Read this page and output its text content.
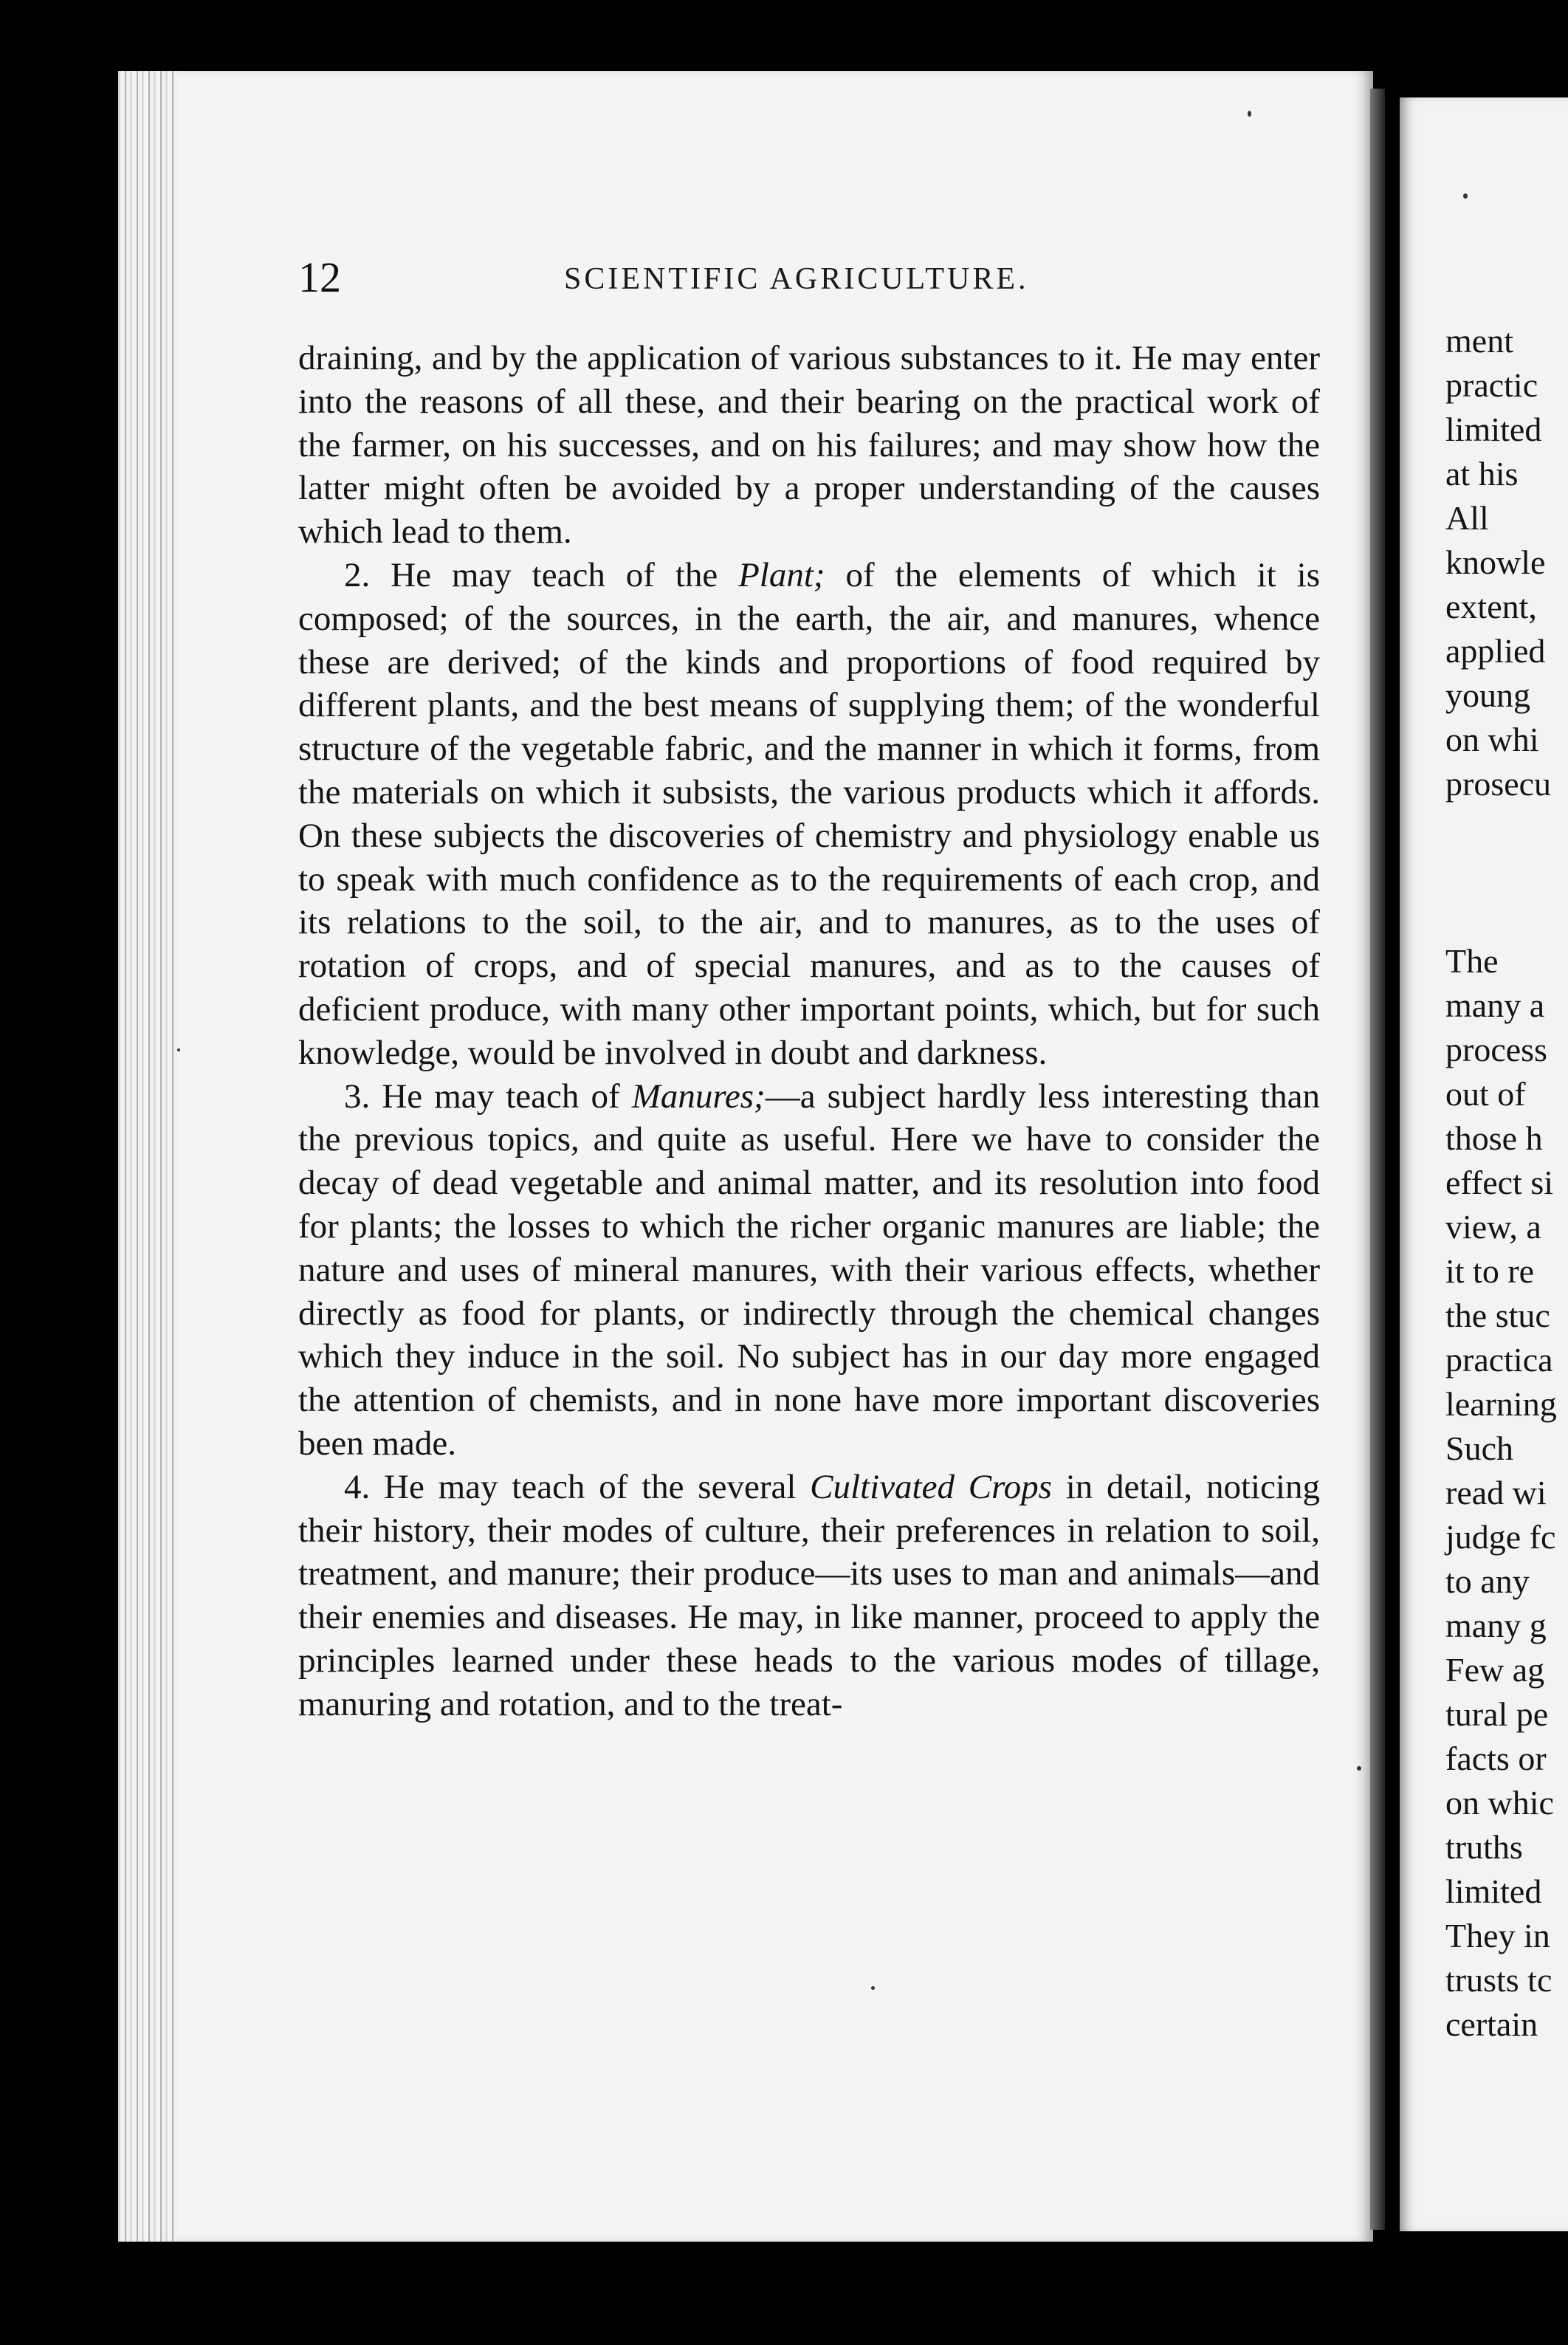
12	SCIENTIFIC AGRICULTURE.

draining, and by the application of various substances to it. He may enter into the reasons of all these, and their bearing on the practical work of the farmer, on his successes, and on his failures; and may show how the latter might often be avoided by a proper understanding of the causes which lead to them.

2. He may teach of the Plant; of the elements of which it is composed; of the sources, in the earth, the air, and manures, whence these are derived; of the kinds and proportions of food required by different plants, and the best means of supplying them; of the wonderful structure of the vegetable fabric, and the manner in which it forms, from the materials on which it subsists, the various products which it affords. On these subjects the discoveries of chemistry and physiology enable us to speak with much confidence as to the requirements of each crop, and its relations to the soil, to the air, and to manures, as to the uses of rotation of crops, and of special manures, and as to the causes of deficient produce, with many other important points, which, but for such knowledge, would be involved in doubt and darkness.

3. He may teach of Manures;—a subject hardly less interesting than the previous topics, and quite as useful. Here we have to consider the decay of dead vegetable and animal matter, and its resolution into food for plants; the losses to which the richer organic manures are liable; the nature and uses of mineral manures, with their various effects, whether directly as food for plants, or indirectly through the chemical changes which they induce in the soil. No subject has in our day more engaged the attention of chemists, and in none have more important discoveries been made.

4. He may teach of the several Cultivated Crops in detail, noticing their history, their modes of culture, their preferences in relation to soil, treatment, and manure; their produce—its uses to man and animals—and their enemies and diseases. He may, in like manner, proceed to apply the principles learned under these heads to the various modes of tillage, manuring and rotation, and to the treat-

ment
practic
limited
at his
All
knowle
extent,
applied
young
on whi
prosecu
The
many a
process
out of
those h
effect si
view, a
it to re
the stuc
practica
learning
Such
read wi
judge fc
to any
many g
Few ag
tural pe
facts or
on whic
truths
limited
They in
trusts tc
certain
